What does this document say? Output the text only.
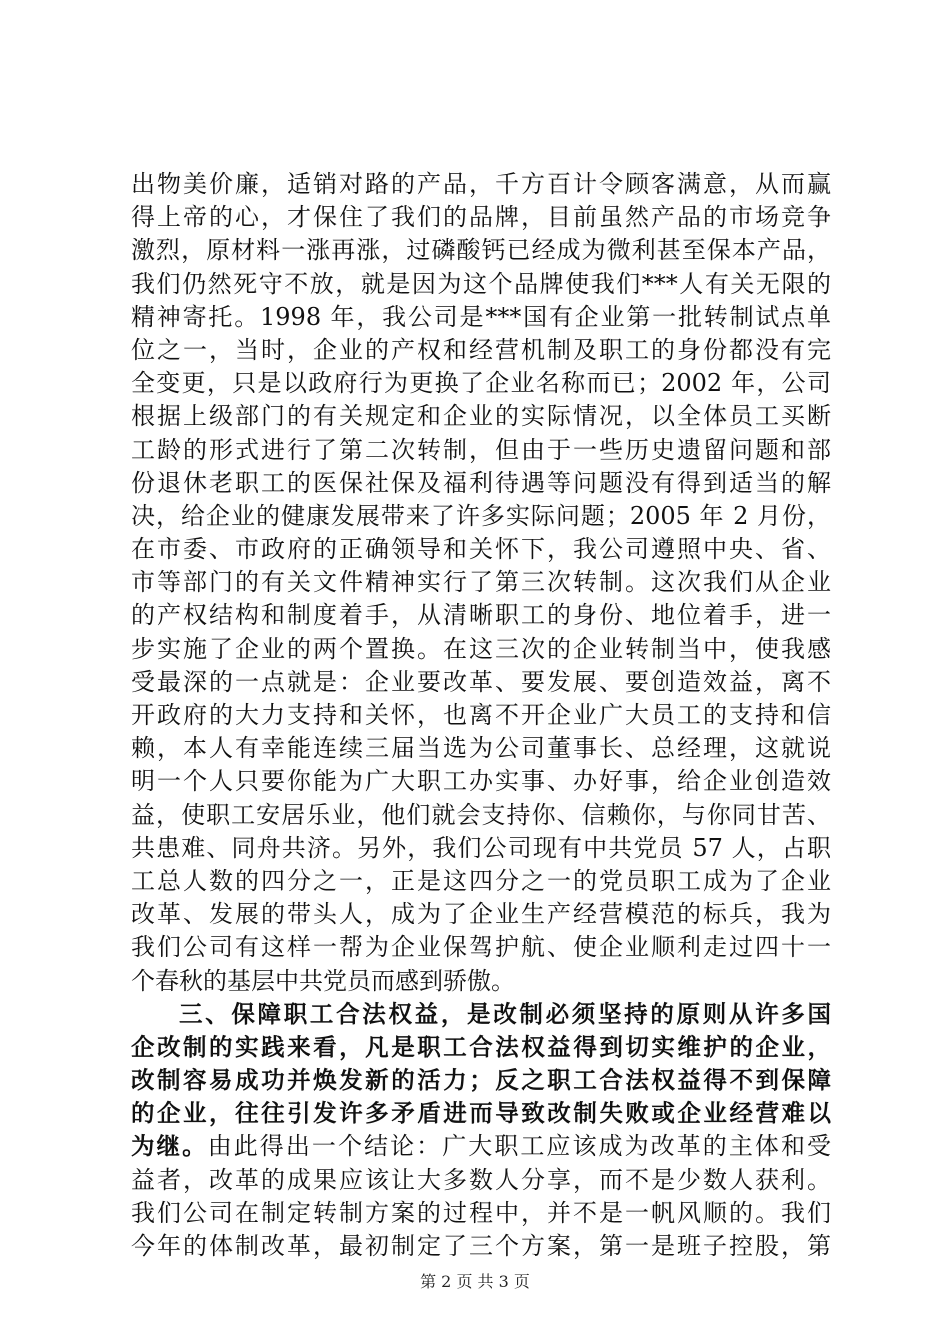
出物美价廉，适销对路的产品，千方百计令顾客满意，从而赢
得上帝的心，才保住了我们的品牌，目前虽然产品的市场竞争
激烈，原材料一涨再涨，过磷酸钙已经成为微利甚至保本产品，
我们仍然死守不放，就是因为这个品牌使我们***人有关无限的
精神寄托。1998 年，我公司是***国有企业第一批转制试点单
位之一，当时，企业的产权和经营机制及职工的身份都没有完
全变更，只是以政府行为更换了企业名称而已；2002 年，公司
根据上级部门的有关规定和企业的实际情况，以全体员工买断
工龄的形式进行了第二次转制，但由于一些历史遗留问题和部
份退休老职工的医保社保及福利待遇等问题没有得到适当的解
决，给企业的健康发展带来了许多实际问题；2005 年 2 月份，
在市委、市政府的正确领导和关怀下，我公司遵照中央、省、
市等部门的有关文件精神实行了第三次转制。这次我们从企业
的产权结构和制度着手，从清晰职工的身份、地位着手，进一
步实施了企业的两个置换。在这三次的企业转制当中，使我感
受最深的一点就是：企业要改革、要发展、要创造效益，离不
开政府的大力支持和关怀，也离不开企业广大员工的支持和信
赖，本人有幸能连续三届当选为公司董事长、总经理，这就说
明一个人只要你能为广大职工办实事、办好事，给企业创造效
益，使职工安居乐业，他们就会支持你、信赖你，与你同甘苦、
共患难、同舟共济。另外，我们公司现有中共党员 57 人，占职
工总人数的四分之一，正是这四分之一的党员职工成为了企业
改革、发展的带头人，成为了企业生产经营模范的标兵，我为
我们公司有这样一帮为企业保驾护航、使企业顺利走过四十一
个春秋的基层中共党员而感到骄傲。
三、保障职工合法权益，是改制必须坚持的原则从许多国
企改制的实践来看，凡是职工合法权益得到切实维护的企业，
改制容易成功并焕发新的活力；反之职工合法权益得不到保障
的企业，往往引发许多矛盾进而导致改制失败或企业经营难以
为继。由此得出一个结论：广大职工应该成为改革的主体和受
益者，改革的成果应该让大多数人分享，而不是少数人获利。
我们公司在制定转制方案的过程中，并不是一帆风顺的。我们
今年的体制改革，最初制定了三个方案，第一是班子控股，第
第 2 页 共 3 页
